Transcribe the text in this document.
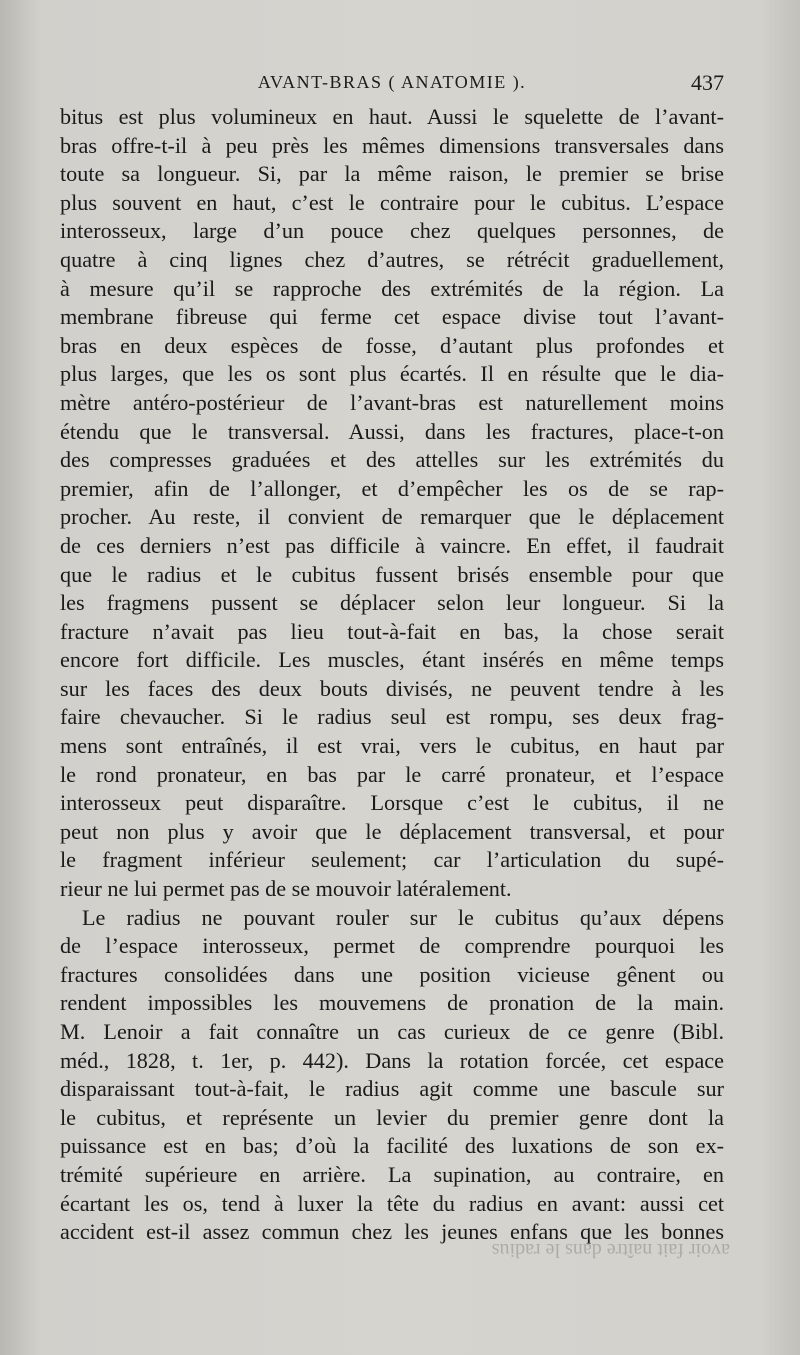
AVANT-BRAS ( ANATOMIE ).	437
bitus est plus volumineux en haut. Aussi le squelette de l’avant-
bras offre-t-il à peu près les mêmes dimensions transversales dans
toute sa longueur. Si, par la même raison, le premier se brise
plus souvent en haut, c’est le contraire pour le cubitus. L’espace
interosseux, large d’un pouce chez quelques personnes, de
quatre à cinq lignes chez d’autres, se rétrécit graduellement,
à mesure qu’il se rapproche des extrémités de la région. La
membrane fibreuse qui ferme cet espace divise tout l’avant-
bras en deux espèces de fosse, d’autant plus profondes et
plus larges, que les os sont plus écartés. Il en résulte que le dia-
mètre antéro-postérieur de l’avant-bras est naturellement moins
étendu que le transversal. Aussi, dans les fractures, place-t-on
des compresses graduées et des attelles sur les extrémités du
premier, afin de l’allonger, et d’empêcher les os de se rap-
procher. Au reste, il convient de remarquer que le déplacement
de ces derniers n’est pas difficile à vaincre. En effet, il faudrait
que le radius et le cubitus fussent brisés ensemble pour que
les fragmens pussent se déplacer selon leur longueur. Si la
fracture n’avait pas lieu tout-à-fait en bas, la chose serait
encore fort difficile. Les muscles, étant insérés en même temps
sur les faces des deux bouts divisés, ne peuvent tendre à les
faire chevaucher. Si le radius seul est rompu, ses deux frag-
mens sont entraînés, il est vrai, vers le cubitus, en haut par
le rond pronateur, en bas par le carré pronateur, et l’espace
interosseux peut disparaître. Lorsque c’est le cubitus, il ne
peut non plus y avoir que le déplacement transversal, et pour
le fragment inférieur seulement; car l’articulation du supé-
rieur ne lui permet pas de se mouvoir latéralement.
Le radius ne pouvant rouler sur le cubitus qu’aux dépens
de l’espace interosseux, permet de comprendre pourquoi les
fractures consolidées dans une position vicieuse gênent ou
rendent impossibles les mouvemens de pronation de la main.
M. Lenoir a fait connaître un cas curieux de ce genre (Bibl.
méd., 1828, t. 1er, p. 442). Dans la rotation forcée, cet espace
disparaissant tout-à-fait, le radius agit comme une bascule sur
le cubitus, et représente un levier du premier genre dont la
puissance est en bas; d’où la facilité des luxations de son ex-
trémité supérieure en arrière. La supination, au contraire, en
écartant les os, tend à luxer la tête du radius en avant: aussi cet
accident est-il assez commun chez les jeunes enfans que les bonnes
avoir fait naître dans le radius
